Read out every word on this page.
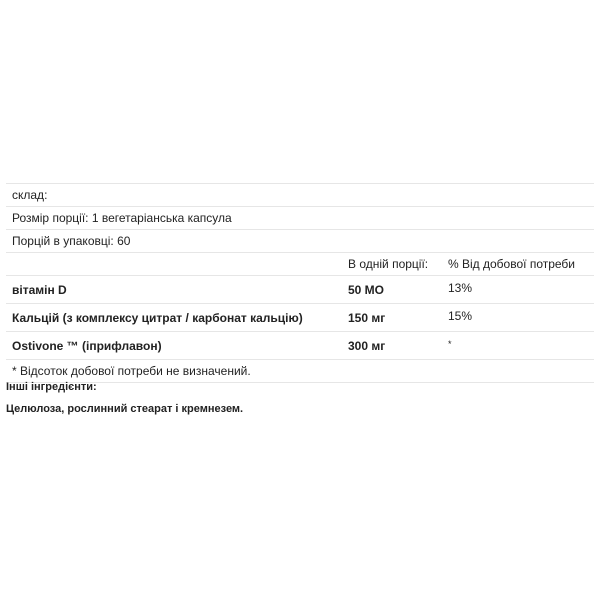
склад:		
Розмір порції: 1 вегетаріанська капсула		
Порцій в упаковці: 60		
	В одній порції:	% Від добової потреби
вітамін D	50 МО	13%
Кальцій (з комплексу цитрат / карбонат кальцію)	150 мг	15%
Ostivone ™ (іприфлавон)	300 мг	*
* Відсоток добової потреби не визначений.		
Інші інгредієнти:
Целюлоза, рослинний стеарат і кремнезем.
